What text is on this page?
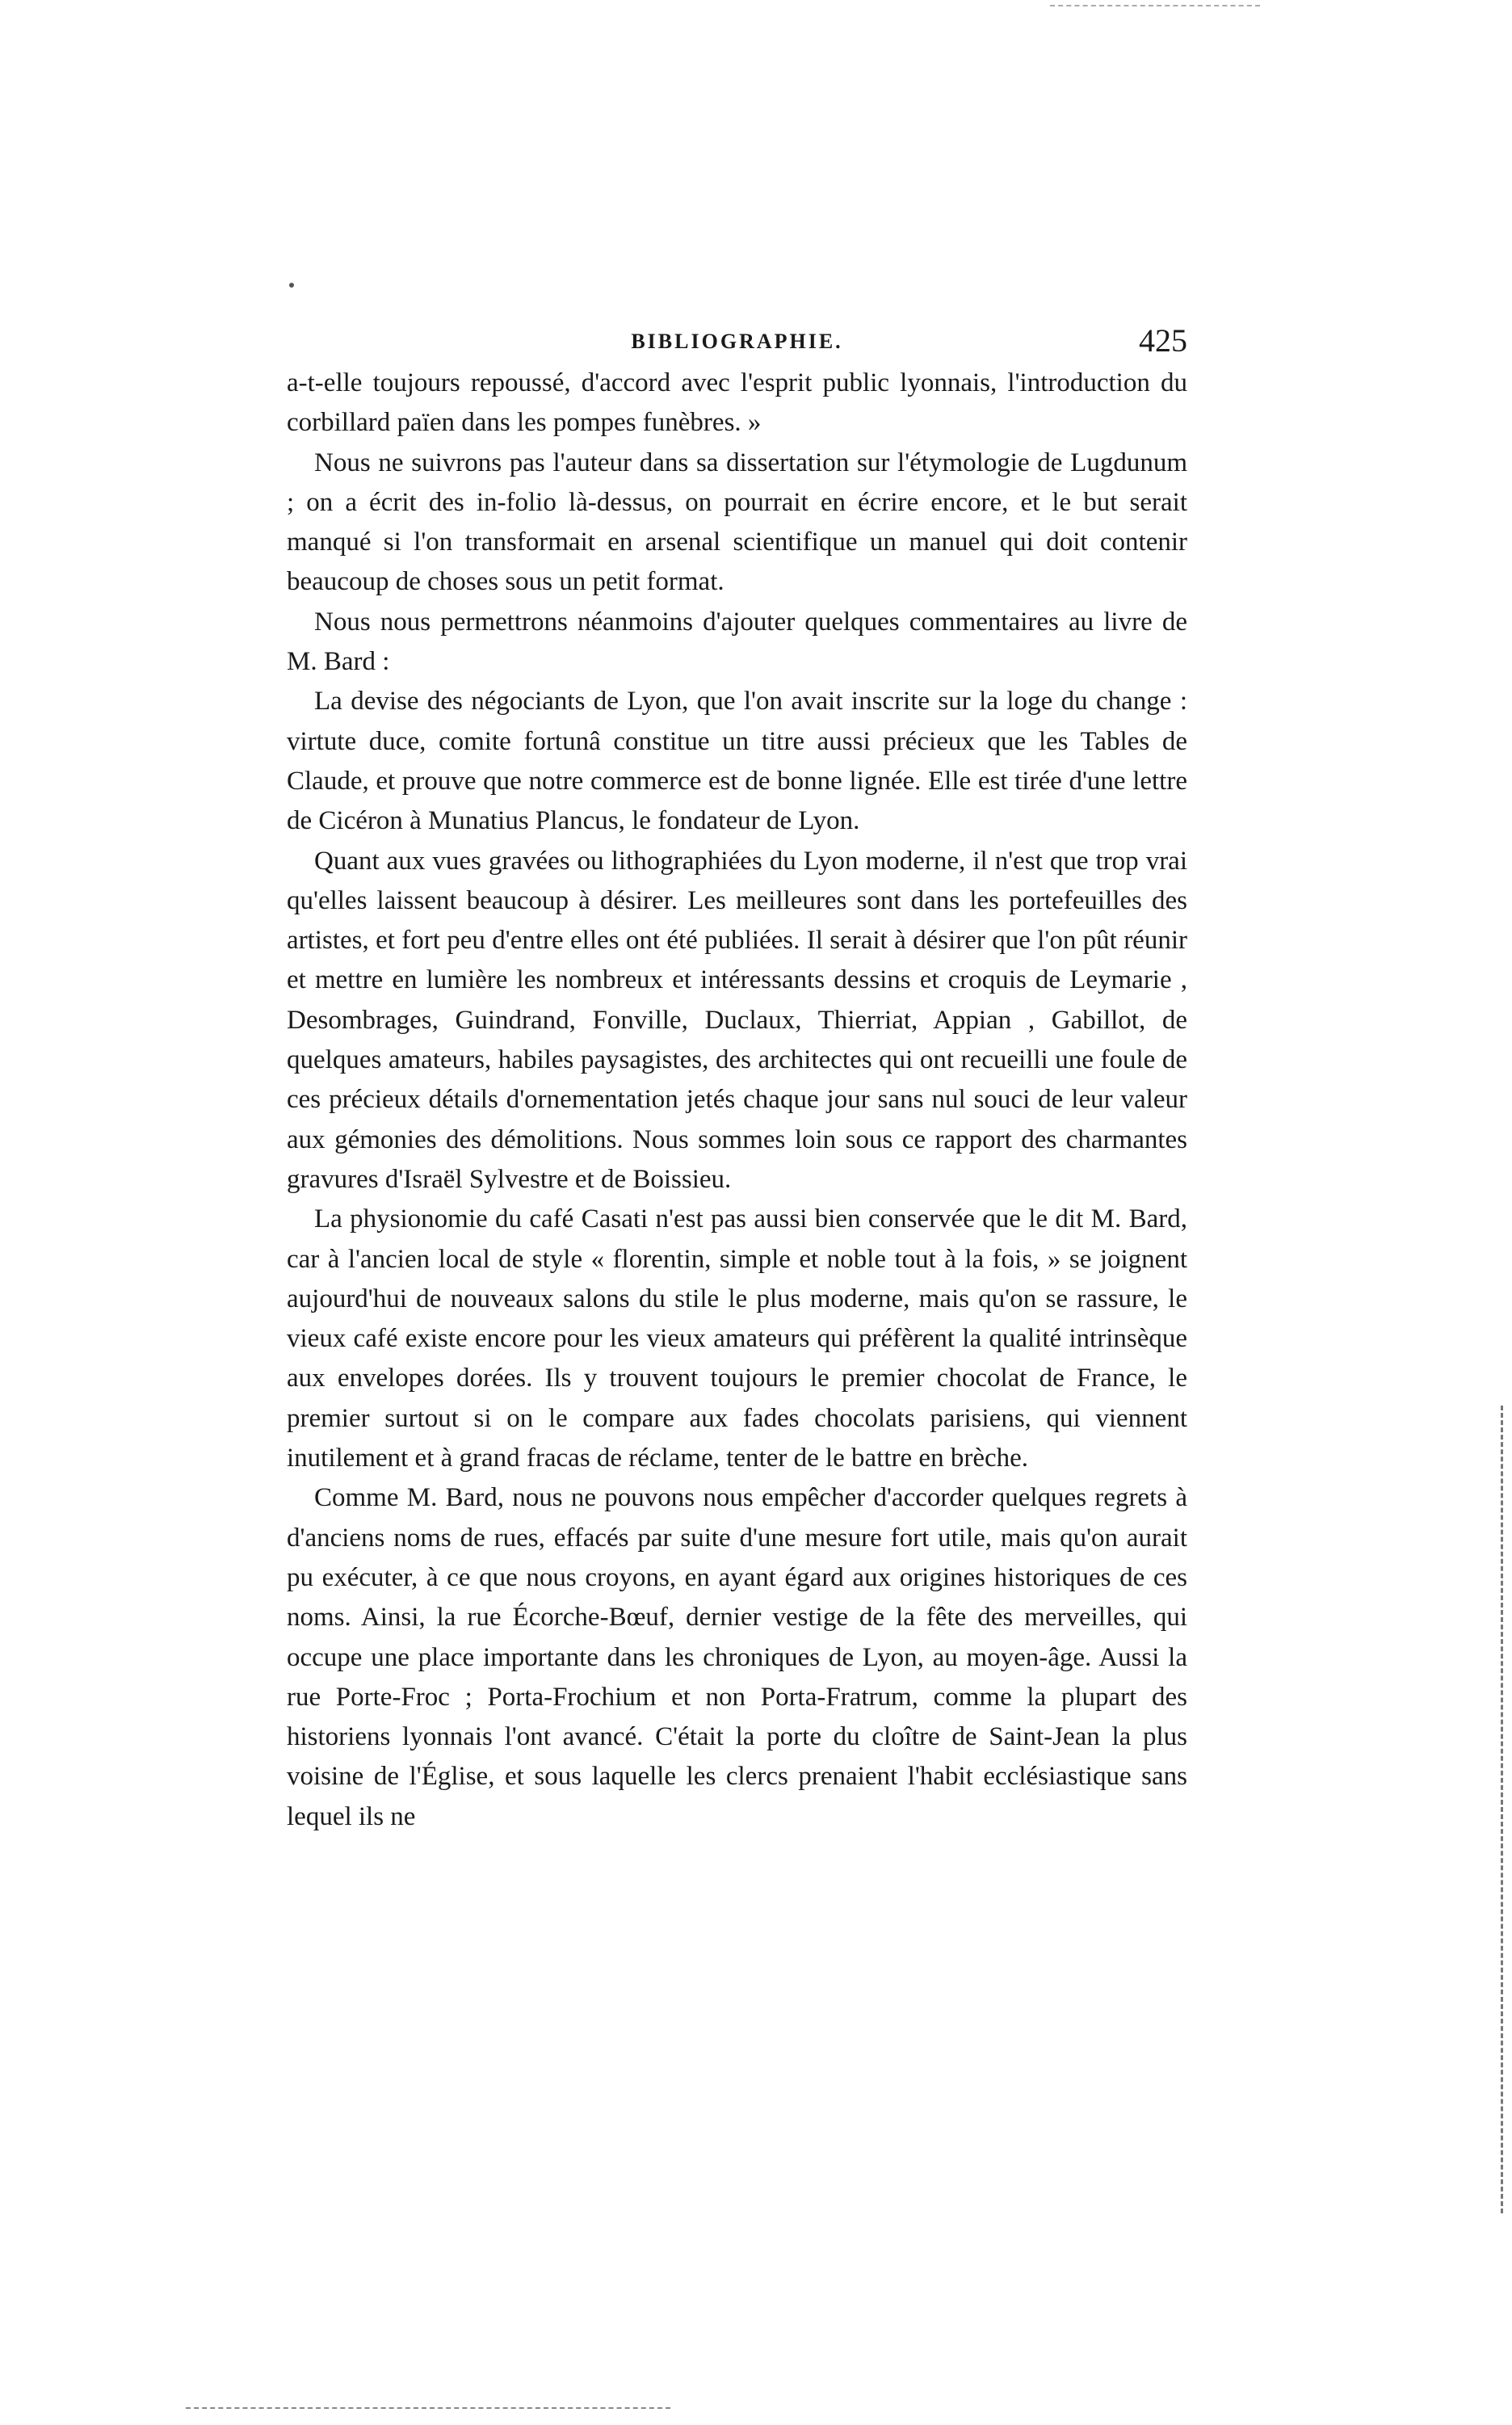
BIBLIOGRAPHIE.	425

a-t-elle toujours repoussé, d'accord avec l'esprit public lyonnais, l'introduction du corbillard païen dans les pompes funèbres. »

Nous ne suivrons pas l'auteur dans sa dissertation sur l'étymologie de Lugdunum ; on a écrit des in-folio là-dessus, on pourrait en écrire encore, et le but serait manqué si l'on transformait en arsenal scientifique un manuel qui doit contenir beaucoup de choses sous un petit format.

Nous nous permettrons néanmoins d'ajouter quelques commentaires au livre de M. Bard :

La devise des négociants de Lyon, que l'on avait inscrite sur la loge du change : virtute duce, comite fortunâ constitue un titre aussi précieux que les Tables de Claude, et prouve que notre commerce est de bonne lignée. Elle est tirée d'une lettre de Cicéron à Munatius Plancus, le fondateur de Lyon.

Quant aux vues gravées ou lithographiées du Lyon moderne, il n'est que trop vrai qu'elles laissent beaucoup à désirer. Les meilleures sont dans les portefeuilles des artistes, et fort peu d'entre elles ont été publiées. Il serait à désirer que l'on pût réunir et mettre en lumière les nombreux et intéressants dessins et croquis de Leymarie , Desombrages, Guindrand, Fonville, Duclaux, Thierriat, Appian , Gabillot, de quelques amateurs, habiles paysagistes, des architectes qui ont recueilli une foule de ces précieux détails d'ornementation jetés chaque jour sans nul souci de leur valeur aux gémonies des démolitions. Nous sommes loin sous ce rapport des charmantes gravures d'Israël Sylvestre et de Boissieu.

La physionomie du café Casati n'est pas aussi bien conservée que le dit M. Bard, car à l'ancien local de style « florentin, simple et noble tout à la fois, » se joignent aujourd'hui de nouveaux salons du stile le plus moderne, mais qu'on se rassure, le vieux café existe encore pour les vieux amateurs qui préfèrent la qualité intrinsèque aux envelopes dorées. Ils y trouvent toujours le premier chocolat de France, le premier surtout si on le compare aux fades chocolats parisiens, qui viennent inutilement et à grand fracas de réclame, tenter de le battre en brèche.

Comme M. Bard, nous ne pouvons nous empêcher d'accorder quelques regrets à d'anciens noms de rues, effacés par suite d'une mesure fort utile, mais qu'on aurait pu exécuter, à ce que nous croyons, en ayant égard aux origines historiques de ces noms. Ainsi, la rue Écorche-Bœuf, dernier vestige de la fête des merveilles, qui occupe une place importante dans les chroniques de Lyon, au moyen-âge. Aussi la rue Porte-Froc ; Porta-Frochium et non Porta-Fratrum, comme la plupart des historiens lyonnais l'ont avancé. C'était la porte du cloître de Saint-Jean la plus voisine de l'Église, et sous laquelle les clercs prenaient l'habit ecclésiastique sans lequel ils ne
